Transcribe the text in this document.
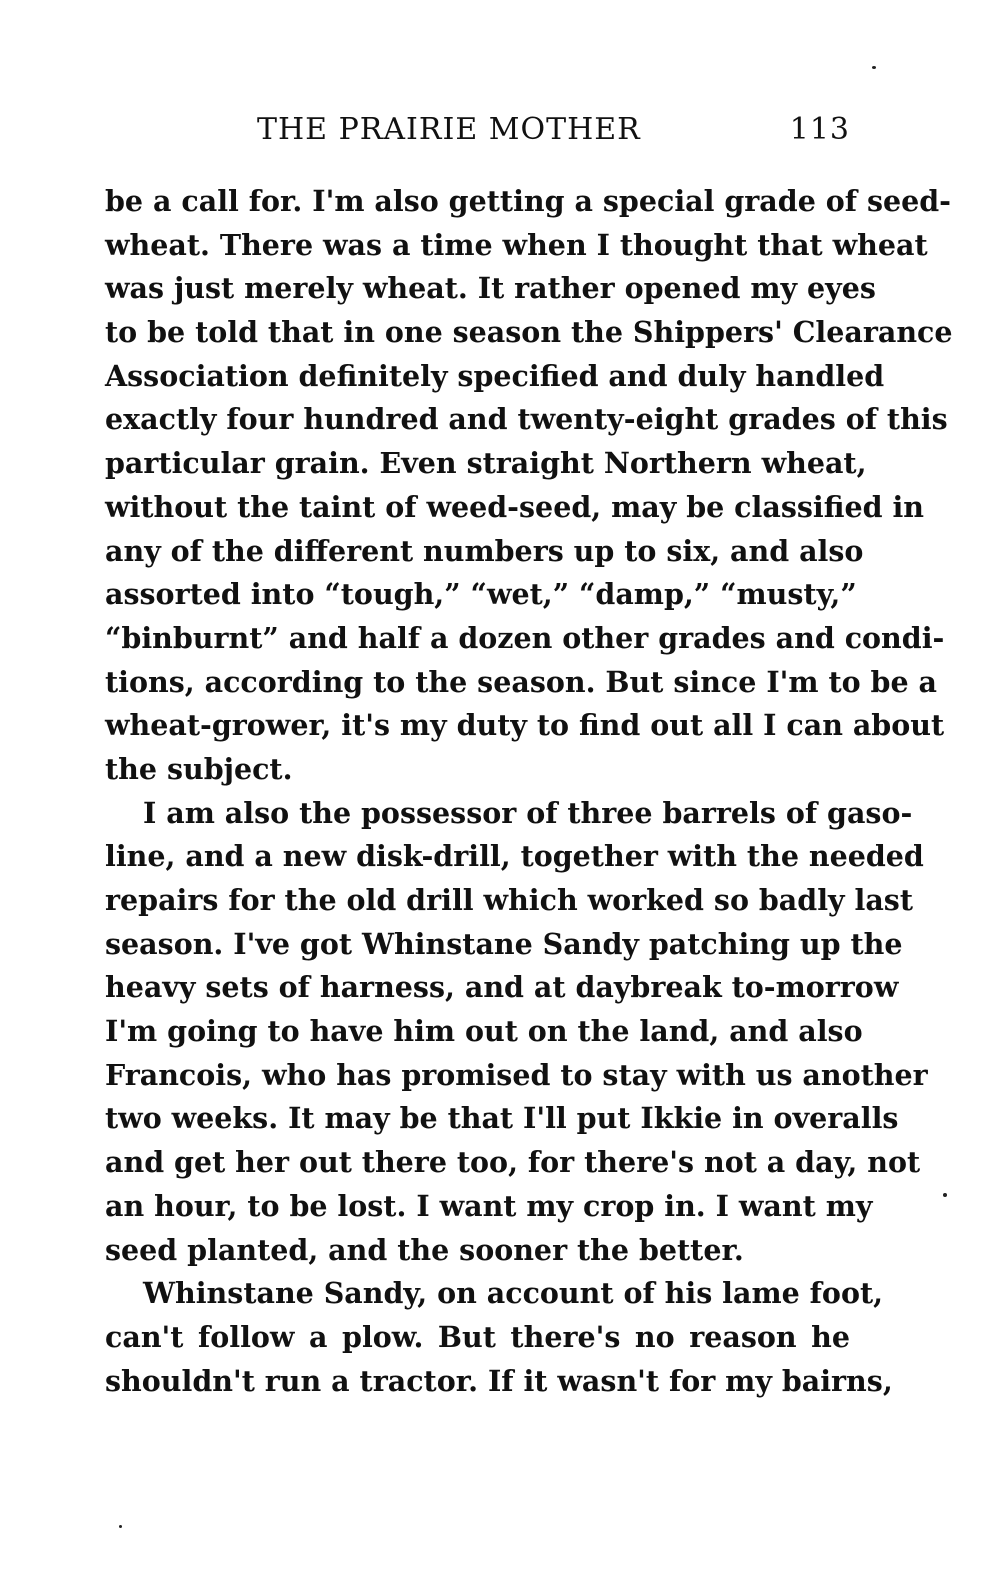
THE PRAIRIE MOTHER	113
be a call for. I'm also getting a special grade of seed-
wheat. There was a time when I thought that wheat
was just merely wheat. It rather opened my eyes
to be told that in one season the Shippers' Clearance
Association definitely specified and duly handled
exactly four hundred and twenty-eight grades of this
particular grain. Even straight Northern wheat,
without the taint of weed-seed, may be classified in
any of the different numbers up to six, and also
assorted into “tough,” “wet,” “damp,” “musty,”
“binburnt” and half a dozen other grades and condi-
tions, according to the season. But since I'm to be a
wheat-grower, it's my duty to find out all I can about
the subject.
I am also the possessor of three barrels of gaso-
line, and a new disk-drill, together with the needed
repairs for the old drill which worked so badly last
season. I've got Whinstane Sandy patching up the
heavy sets of harness, and at daybreak to-morrow
I'm going to have him out on the land, and also
Francois, who has promised to stay with us another
two weeks. It may be that I'll put Ikkie in overalls
and get her out there too, for there's not a day, not
an hour, to be lost. I want my crop in. I want my
seed planted, and the sooner the better.
Whinstane Sandy, on account of his lame foot,
can't follow a plow. But there's no reason he
shouldn't run a tractor. If it wasn't for my bairns,
